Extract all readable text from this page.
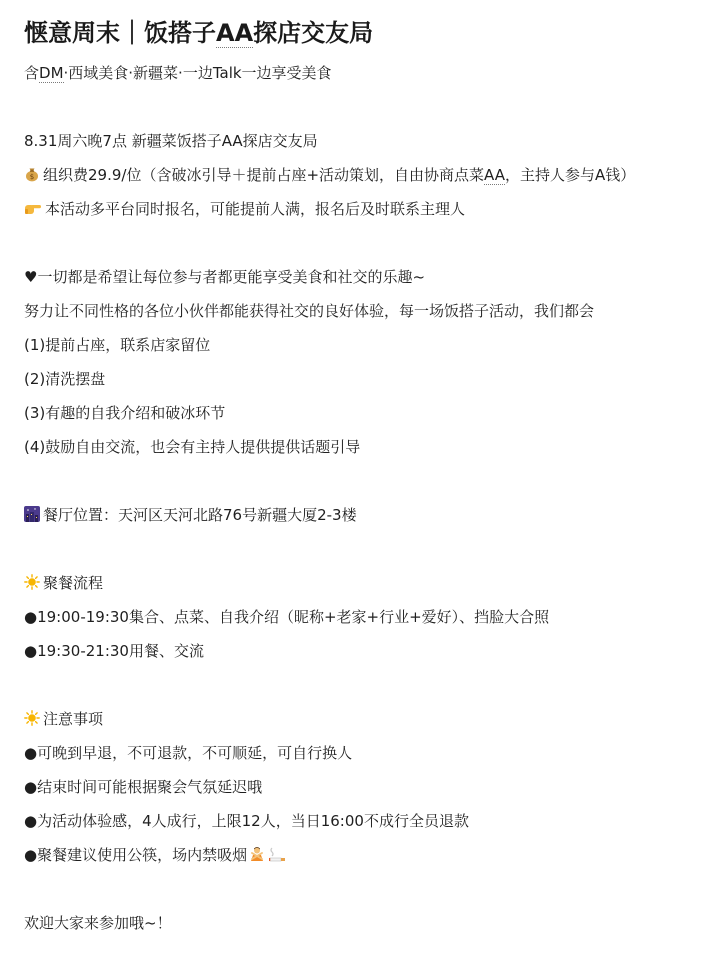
惬意周末｜饭搭子AA探店交友局
含DM·西域美食·新疆菜·一边Talk一边享受美食
8.31周六晚7点 新疆菜饭搭子AA探店交友局
$ 组织费29.9/位（含破冰引导＋提前占座+活动策划，自由协商点菜AA，主持人参与A钱）
本活动多平台同时报名，可能提前人满，报名后及时联系主理人
♥一切都是希望让每位参与者都更能享受美食和社交的乐趣~
努力让不同性格的各位小伙伴都能获得社交的良好体验，每一场饭搭子活动，我们都会
(1)提前占座，联系店家留位
(2)清洗摆盘
(3)有趣的自我介绍和破冰环节
(4)鼓励自由交流，也会有主持人提供提供话题引导
餐厅位置：天河区天河北路76号新疆大厦2-3楼
聚餐流程
●19:00-19:30集合、点菜、自我介绍（昵称+老家+行业+爱好）、挡脸大合照
●19:30-21:30用餐、交流
注意事项
●可晚到早退，不可退款，不可顺延，可自行换人
●结束时间可能根据聚会气氛延迟哦
●为活动体验感，4人成行，上限12人，当日16:00不成行全员退款
●聚餐建议使用公筷，场内禁吸烟
欢迎大家来参加哦~！
